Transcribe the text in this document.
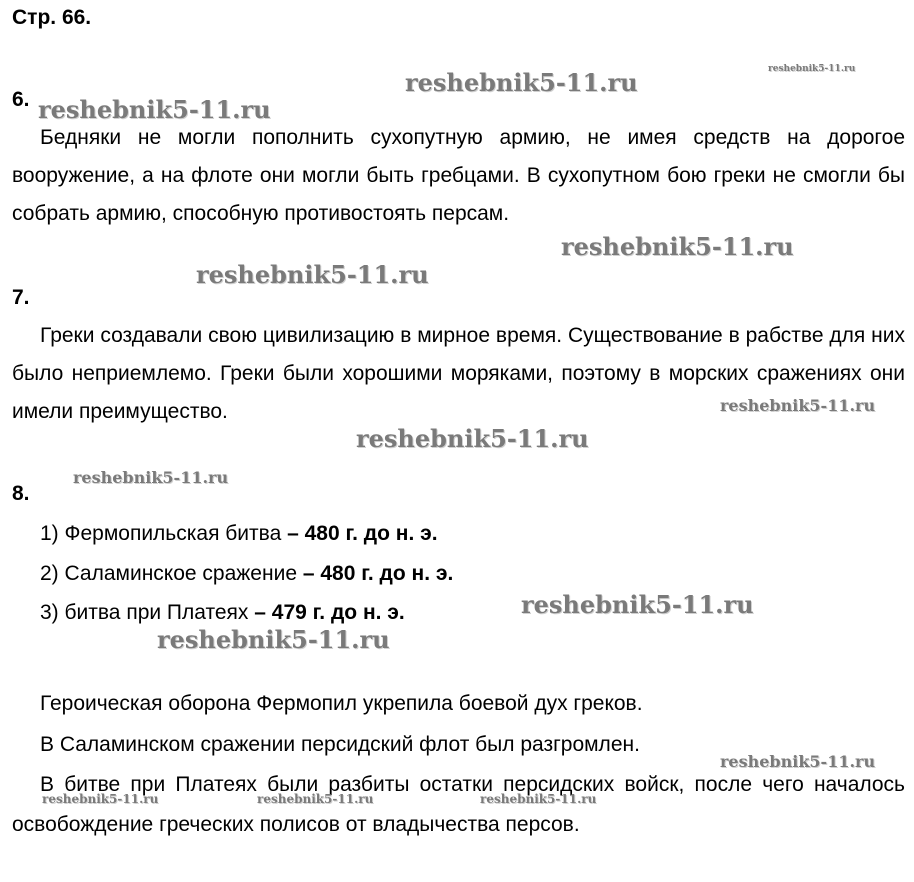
Стр. 66.
6.
Бедняки не могли пополнить сухопутную армию, не имея средств на дорогое вооружение, а на флоте они могли быть гребцами. В сухопутном бою греки не смогли бы собрать армию, способную противостоять персам.
7.
Греки создавали свою цивилизацию в мирное время. Существование в рабстве для них было неприемлемо. Греки были хорошими моряками, поэтому в морских сражениях они имели преимущество.
8.
1) Фермопильская битва – 480 г. до н. э.
2) Саламинское сражение – 480 г. до н. э.
3) битва при Платеях – 479 г. до н. э.
Героическая оборона Фермопил укрепила боевой дух греков.
В Саламинском сражении персидский флот был разгромлен.
В битве при Платеях были разбиты остатки персидских войск, после чего началось освобождение греческих полисов от владычества персов.
reshebnik5-11.ru	reshebnik5-11.ru
reshebnik5-11.ru
reshebnik5-11.ru
reshebnik5-11.ru
reshebnik5-11.ru
reshebnik5-11.ru
reshebnik5-11.ru
reshebnik5-11.ru
reshebnik5-11.ru
reshebnik5-11.ru
reshebnik5-11.ru	reshebnik5-11.ru	reshebnik5-11.ru
